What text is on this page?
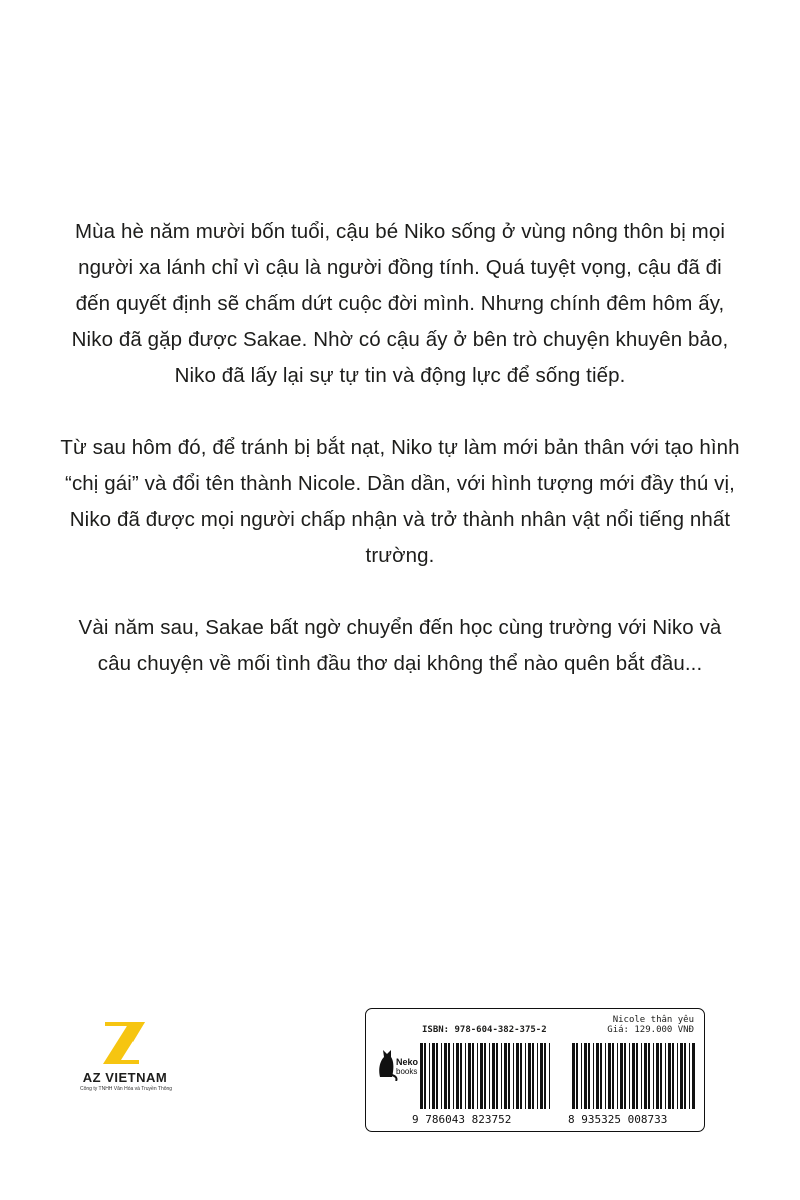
Mùa hè năm mười bốn tuổi, cậu bé Niko sống ở vùng nông thôn bị mọi người xa lánh chỉ vì cậu là người đồng tính. Quá tuyệt vọng, cậu đã đi đến quyết định sẽ chấm dứt cuộc đời mình. Nhưng chính đêm hôm ấy, Niko đã gặp được Sakae. Nhờ có cậu ấy ở bên trò chuyện khuyên bảo, Niko đã lấy lại sự tự tin và động lực để sống tiếp.

Từ sau hôm đó, để tránh bị bắt nạt, Niko tự làm mới bản thân với tạo hình “chị gái” và đổi tên thành Nicole. Dần dần, với hình tượng mới đầy thú vị, Niko đã được mọi người chấp nhận và trở thành nhân vật nổi tiếng nhất trường.

Vài năm sau, Sakae bất ngờ chuyển đến học cùng trường với Niko và câu chuyện về mối tình đầu thơ dại không thể nào quên bắt đầu...

AZ VIETNAM
Công ty TNHH Văn Hóa và Truyền Thông
Nicole thân yêu
ISBN: 978-604-382-375-2	Giá: 129.000 VNĐ
Neko
books
9 786043 823752	8 935325 008733
